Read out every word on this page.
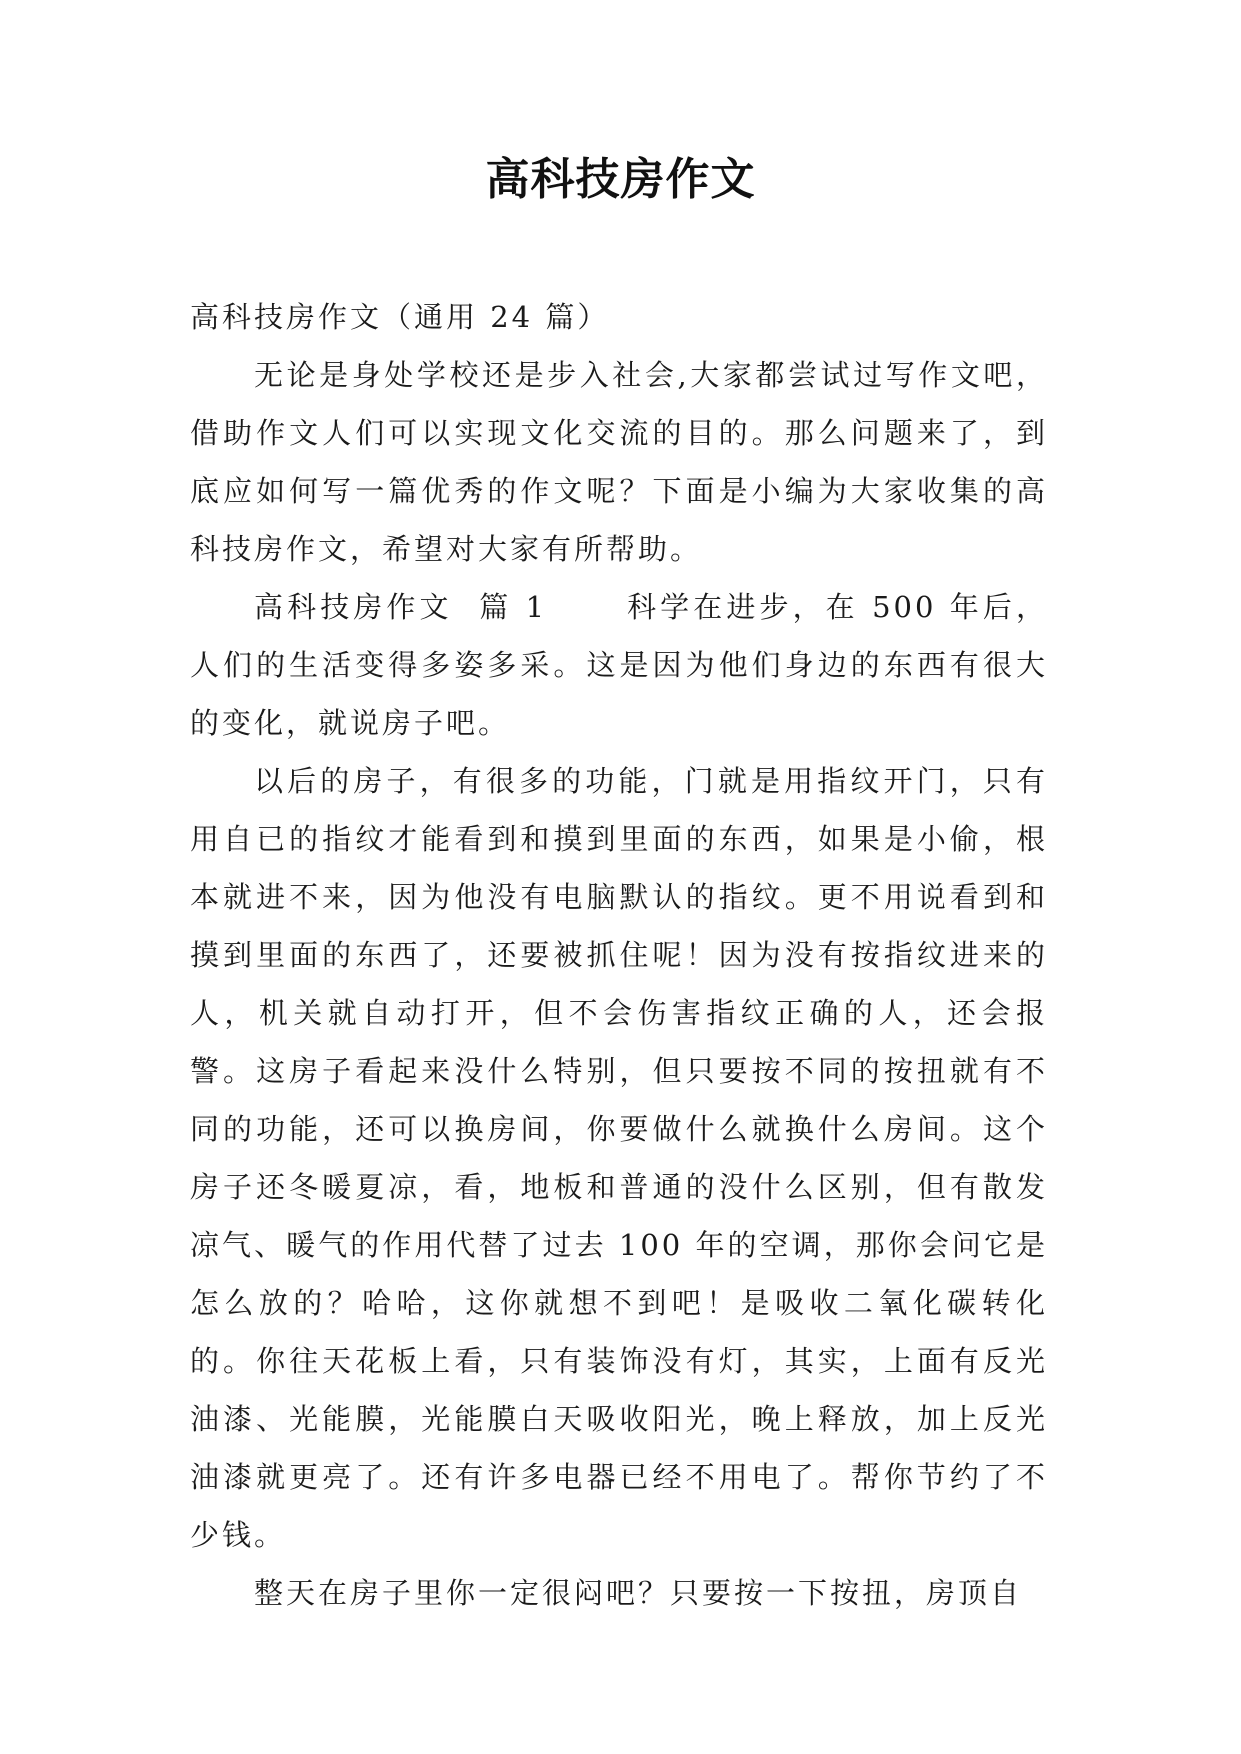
高科技房作文

高科技房作文（通用 24 篇）

无论是身处学校还是步入社会,大家都尝试过写作文吧，借助作文人们可以实现文化交流的目的。那么问题来了，到底应如何写一篇优秀的作文呢？下面是小编为大家收集的高科技房作文，希望对大家有所帮助。

高科技房作文  篇 1      科学在进步，在 500 年后，人们的生活变得多姿多采。这是因为他们身边的东西有很大的变化，就说房子吧。

以后的房子，有很多的功能，门就是用指纹开门，只有用自已的指纹才能看到和摸到里面的东西，如果是小偷，根本就进不来，因为他没有电脑默认的指纹。更不用说看到和摸到里面的东西了，还要被抓住呢！因为没有按指纹进来的人，机关就自动打开，但不会伤害指纹正确的人，还会报警。这房子看起来没什么特别，但只要按不同的按扭就有不同的功能，还可以换房间，你要做什么就换什么房间。这个房子还冬暖夏凉，看，地板和普通的没什么区别，但有散发凉气、暖气的作用代替了过去 100 年的空调，那你会问它是怎么放的？哈哈，这你就想不到吧！是吸收二氧化碳转化的。你往天花板上看，只有装饰没有灯，其实，上面有反光油漆、光能膜，光能膜白天吸收阳光，晚上释放，加上反光油漆就更亮了。还有许多电器已经不用电了。帮你节约了不少钱。

整天在房子里你一定很闷吧？只要按一下按扭，房顶自
